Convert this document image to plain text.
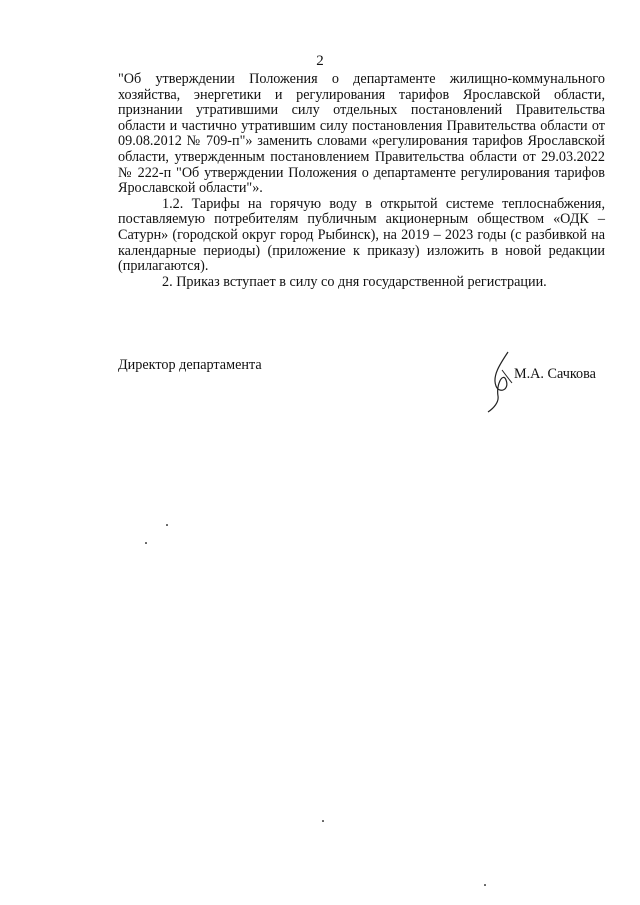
2

"Об утверждении Положения о департаменте жилищно-коммунального хозяйства, энергетики и регулирования тарифов Ярославской области, признании утратившими силу отдельных постановлений Правительства области и частично утратившим силу постановления Правительства области от 09.08.2012 № 709-п"» заменить словами «регулирования тарифов Ярославской области, утвержденным постановлением Правительства области от 29.03.2022 № 222-п "Об утверждении Положения о департаменте регулирования тарифов Ярославской области"».

1.2. Тарифы на горячую воду в открытой системе теплоснабжения, поставляемую потребителям публичным акционерным обществом «ОДК – Сатурн» (городской округ город Рыбинск), на 2019 – 2023 годы (с разбивкой на календарные периоды) (приложение к приказу) изложить в новой редакции (прилагаются).

2. Приказ вступает в силу со дня государственной регистрации.

Директор департамента
М.А. Сачкова
